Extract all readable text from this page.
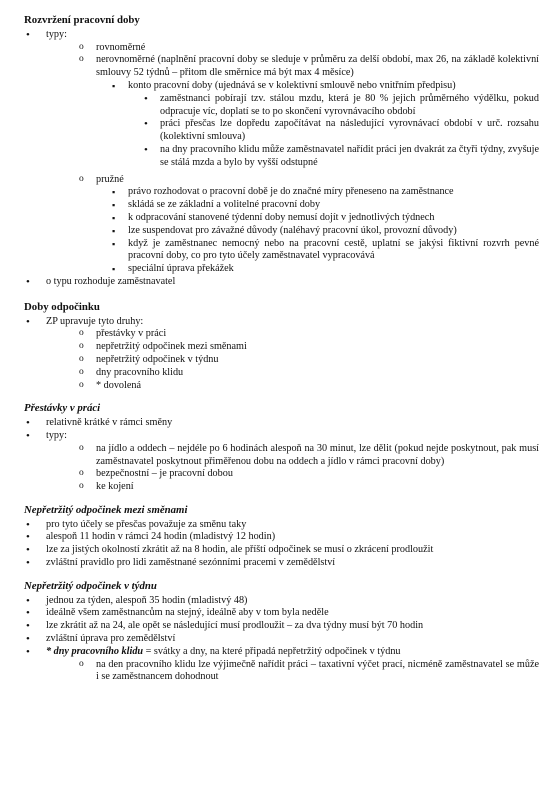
Rozvržení pracovní doby
• typy:
o rovnoměrné
o nerovnoměrné (naplnění pracovní doby se sleduje v průměru za delší období, max 26, na základě kolektivní smlouvy 52 týdnů – přitom dle směrnice má být max 4 měsíce)
▪ konto pracovní doby (ujednává se v kolektivní smlouvě nebo vnitřním předpisu)
• zaměstnanci pobírají tzv. stálou mzdu, která je 80 % jejich průměrného výdělku, pokud odpracuje víc, doplatí se to po skončení vyrovnávacího období
• práci přesčas lze dopředu započítávat na následující vyrovnávací období v urč. rozsahu (kolektivní smlouva)
• na dny pracovního klidu může zaměstnavatel nařídit práci jen dvakrát za čtyři týdny, zvyšuje se stálá mzda a bylo by vyšší odstupné
o pružné
▪ právo rozhodovat o pracovní době je do značné míry přeneseno na zaměstnance
▪ skládá se ze základní a volitelné pracovní doby
▪ k odpracování stanovené týdenní doby nemusí dojít v jednotlivých týdnech
▪ lze suspendovat pro závažné důvody (naléhavý pracovní úkol, provozní důvody)
▪ když je zaměstnanec nemocný nebo na pracovní cestě, uplatní se jakýsi fiktivní rozvrh pevné pracovní doby, co pro tyto účely zaměstnavatel vypracovává
▪ speciální úprava překážek
• o typu rozhoduje zaměstnavatel
Doby odpočinku
• ZP upravuje tyto druhy:
o přestávky v práci
o nepřetržitý odpočinek mezi směnami
o nepřetržitý odpočinek v týdnu
o dny pracovního klidu
o * dovolená
Přestávky v práci
• relativně krátké v rámci směny
• typy:
o na jídlo a oddech – nejdéle po 6 hodinách alespoň na 30 minut, lze dělit (pokud nejde poskytnout, pak musí zaměstnavatel poskytnout přiměřenou dobu na oddech a jídlo v rámci pracovní doby)
o bezpečnostní – je pracovní dobou
o ke kojení
Nepřetržitý odpočinek mezi směnami
• pro tyto účely se přesčas považuje za směnu taky
• alespoň 11 hodin v rámci 24 hodin (mladistvý 12 hodin)
• lze za jistých okolností zkrátit až na 8 hodin, ale příští odpočinek se musí o zkrácení prodloužit
• zvláštní pravidlo pro lidi zaměstnané sezónními pracemi v zemědělství
Nepřetržitý odpočinek v týdnu
• jednou za týden, alespoň 35 hodin (mladistvý 48)
• ideálně všem zaměstnancům na stejný, ideálně aby v tom byla neděle
• lze zkrátit až na 24, ale opět se následující musí prodloužit – za dva týdny musí být 70 hodin
• zvláštní úprava pro zemědělství
• * dny pracovního klidu = svátky a dny, na které připadá nepřetržitý odpočinek v týdnu
o na den pracovního klidu lze výjimečně nařídit práci – taxativní výčet prací, nicméně zaměstnavatel se může i se zaměstnancem dohodnout
